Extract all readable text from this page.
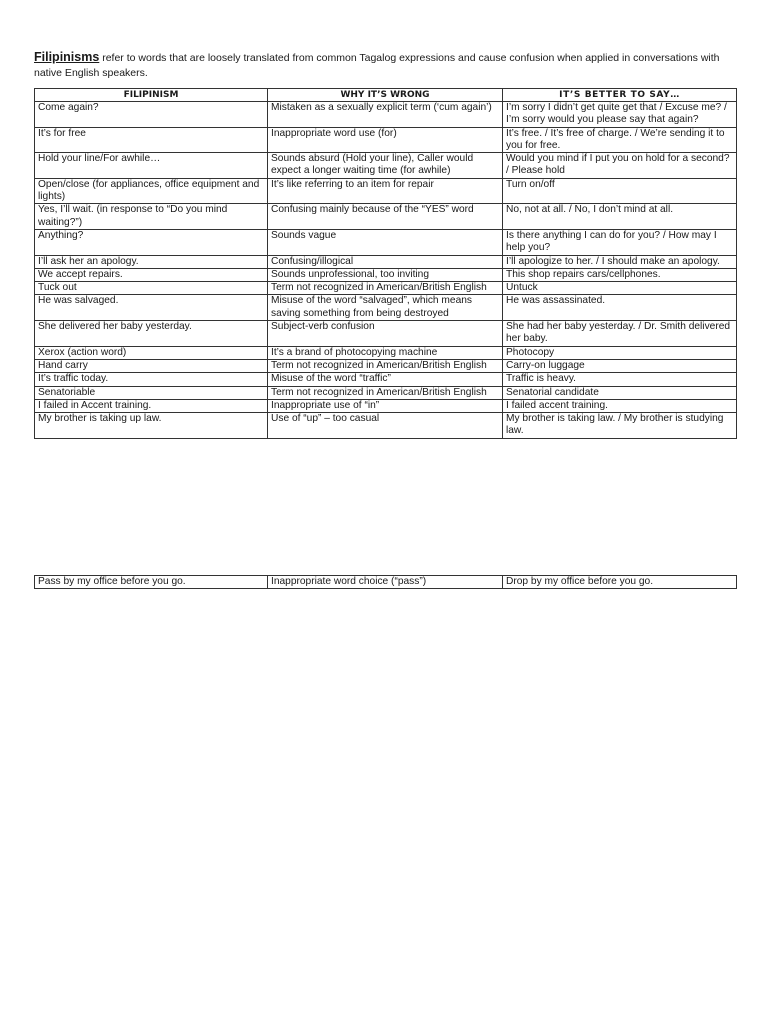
Filipinisms refer to words that are loosely translated from common Tagalog expressions and cause confusion when applied in conversations with native English speakers.
FILIPINISM	WHY IT’S WRONG	IT’S BETTER TO SAY…
Come again?	Mistaken as a sexually explicit term (‘cum again’)	I’m sorry I didn’t get quite get that / Excuse me? / I’m sorry would you please say that again?
It’s for free	Inappropriate word use (for)	It’s free. / It’s free of charge. / We’re sending it to you for free.
Hold your line/For awhile…	Sounds absurd (Hold your line), Caller would expect a longer waiting time (for awhile)	Would you mind if I put you on hold for a second? / Please hold
Open/close (for appliances, office equipment and lights)	It’s like referring to an item for repair	Turn on/off
Yes, I’ll wait. (in response to “Do you mind waiting?”)	Confusing mainly because of the “YES” word	No, not at all. / No, I don’t mind at all.
Anything?	Sounds vague	Is there anything I can do for you? / How may I help you?
I’ll ask her an apology.	Confusing/illogical	I’ll apologize to her. / I should make an apology.
We accept repairs.	Sounds unprofessional, too inviting	This shop repairs cars/cellphones.
Tuck out	Term not recognized in American/British English	Untuck
He was salvaged.	Misuse of the word “salvaged”, which means saving something from being destroyed	He was assassinated.
She delivered her baby yesterday.	Subject-verb confusion	She had her baby yesterday. / Dr. Smith delivered her baby.
Xerox (action word)	It’s a brand of photocopying machine	Photocopy
Hand carry	Term not recognized in American/British English	Carry-on luggage
It’s traffic today.	Misuse of the word “traffic”	Traffic is heavy.
Senatoriable	Term not recognized in American/British English	Senatorial candidate
I failed in Accent training.	Inappropriate use of “in”	I failed accent training.
My brother is taking up law.	Use of “up” – too casual	My brother is taking law. / My brother is studying law.
Pass by my office before you go.	Inappropriate word choice (“pass”)	Drop by my office before you go.
